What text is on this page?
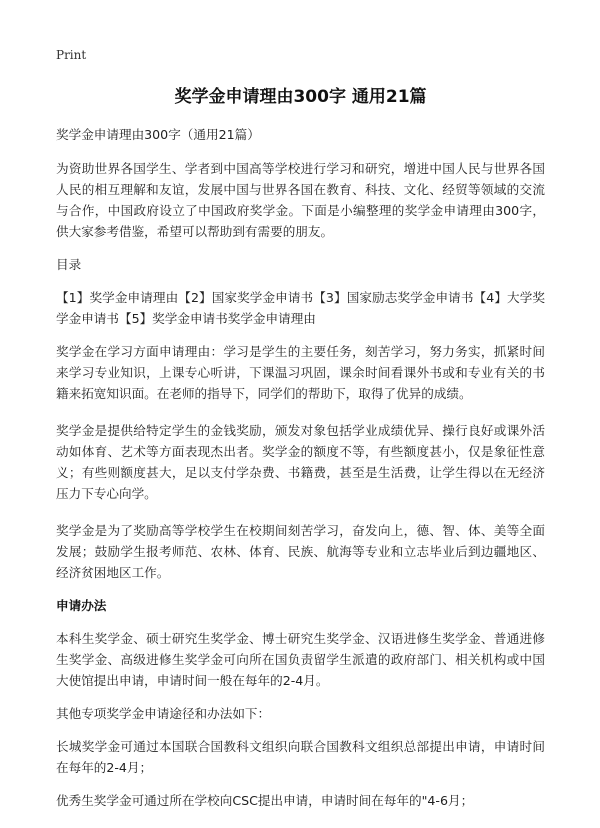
Print
奖学金申请理由300字 通用21篇

奖学金申请理由300字（通用21篇）

为资助世界各国学生、学者到中国高等学校进行学习和研究，增进中国人民与世界各国人民的相互理解和友谊，发展中国与世界各国在教育、科技、文化、经贸等领域的交流与合作，中国政府设立了中国政府奖学金。下面是小编整理的奖学金申请理由300字，供大家参考借鉴，希望可以帮助到有需要的朋友。

目录

【1】奖学金申请理由【2】国家奖学金申请书【3】国家励志奖学金申请书【4】大学奖学金申请书【5】奖学金申请书奖学金申请理由

奖学金在学习方面申请理由：学习是学生的主要任务，刻苦学习，努力务实，抓紧时间来学习专业知识，上课专心听讲，下课温习巩固，课余时间看课外书或和专业有关的书籍来拓宽知识面。在老师的指导下，同学们的帮助下，取得了优异的成绩。

奖学金是提供给特定学生的金钱奖励，颁发对象包括学业成绩优异、操行良好或课外活动如体育、艺术等方面表现杰出者。奖学金的额度不等，有些额度甚小，仅是象征性意义；有些则额度甚大，足以支付学杂费、书籍费，甚至是生活费，让学生得以在无经济压力下专心向学。

奖学金是为了奖励高等学校学生在校期间刻苦学习，奋发向上，德、智、体、美等全面发展；鼓励学生报考师范、农林、体育、民族、航海等专业和立志毕业后到边疆地区、经济贫困地区工作。

申请办法

本科生奖学金、硕士研究生奖学金、博士研究生奖学金、汉语进修生奖学金、普通进修生奖学金、高级进修生奖学金可向所在国负责留学生派遣的政府部门、相关机构或中国大使馆提出申请，申请时间一般在每年的2-4月。

其他专项奖学金申请途径和办法如下：

长城奖学金可通过本国联合国教科文组织向联合国教科文组织总部提出申请，申请时间在每年的2-4月；

优秀生奖学金可通过所在学校向CSC提出申请，申请时间在每年的"4-6月；
